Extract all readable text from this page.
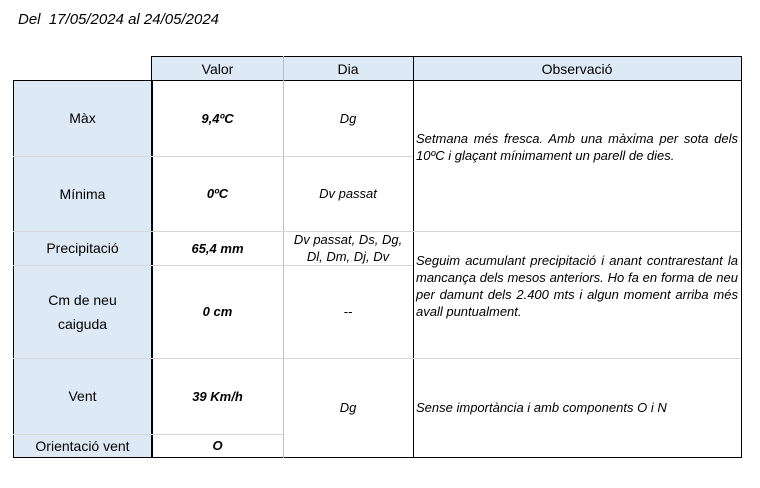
Del  17/05/2024 al 24/05/2024
Valor	Dia	Observació
Màx
Mínima
Precipitació
Cm de neu caiguda
Vent
Orientació vent
9,4ºC
0ºC
65,4 mm
0 cm
39 Km/h
O
Dg
Dv passat
Dv passat, Ds, Dg, Dl, Dm, Dj, Dv
--
Dg
Setmana més fresca. Amb una màxima per sota dels 10ºC i glaçant mínimament un parell de dies.
Seguim acumulant precipitació i anant contrarestant la mancança dels mesos anteriors. Ho fa en forma de neu per damunt dels 2.400 mts i algun moment arriba més avall puntualment.
Sense importància i amb components O i N
